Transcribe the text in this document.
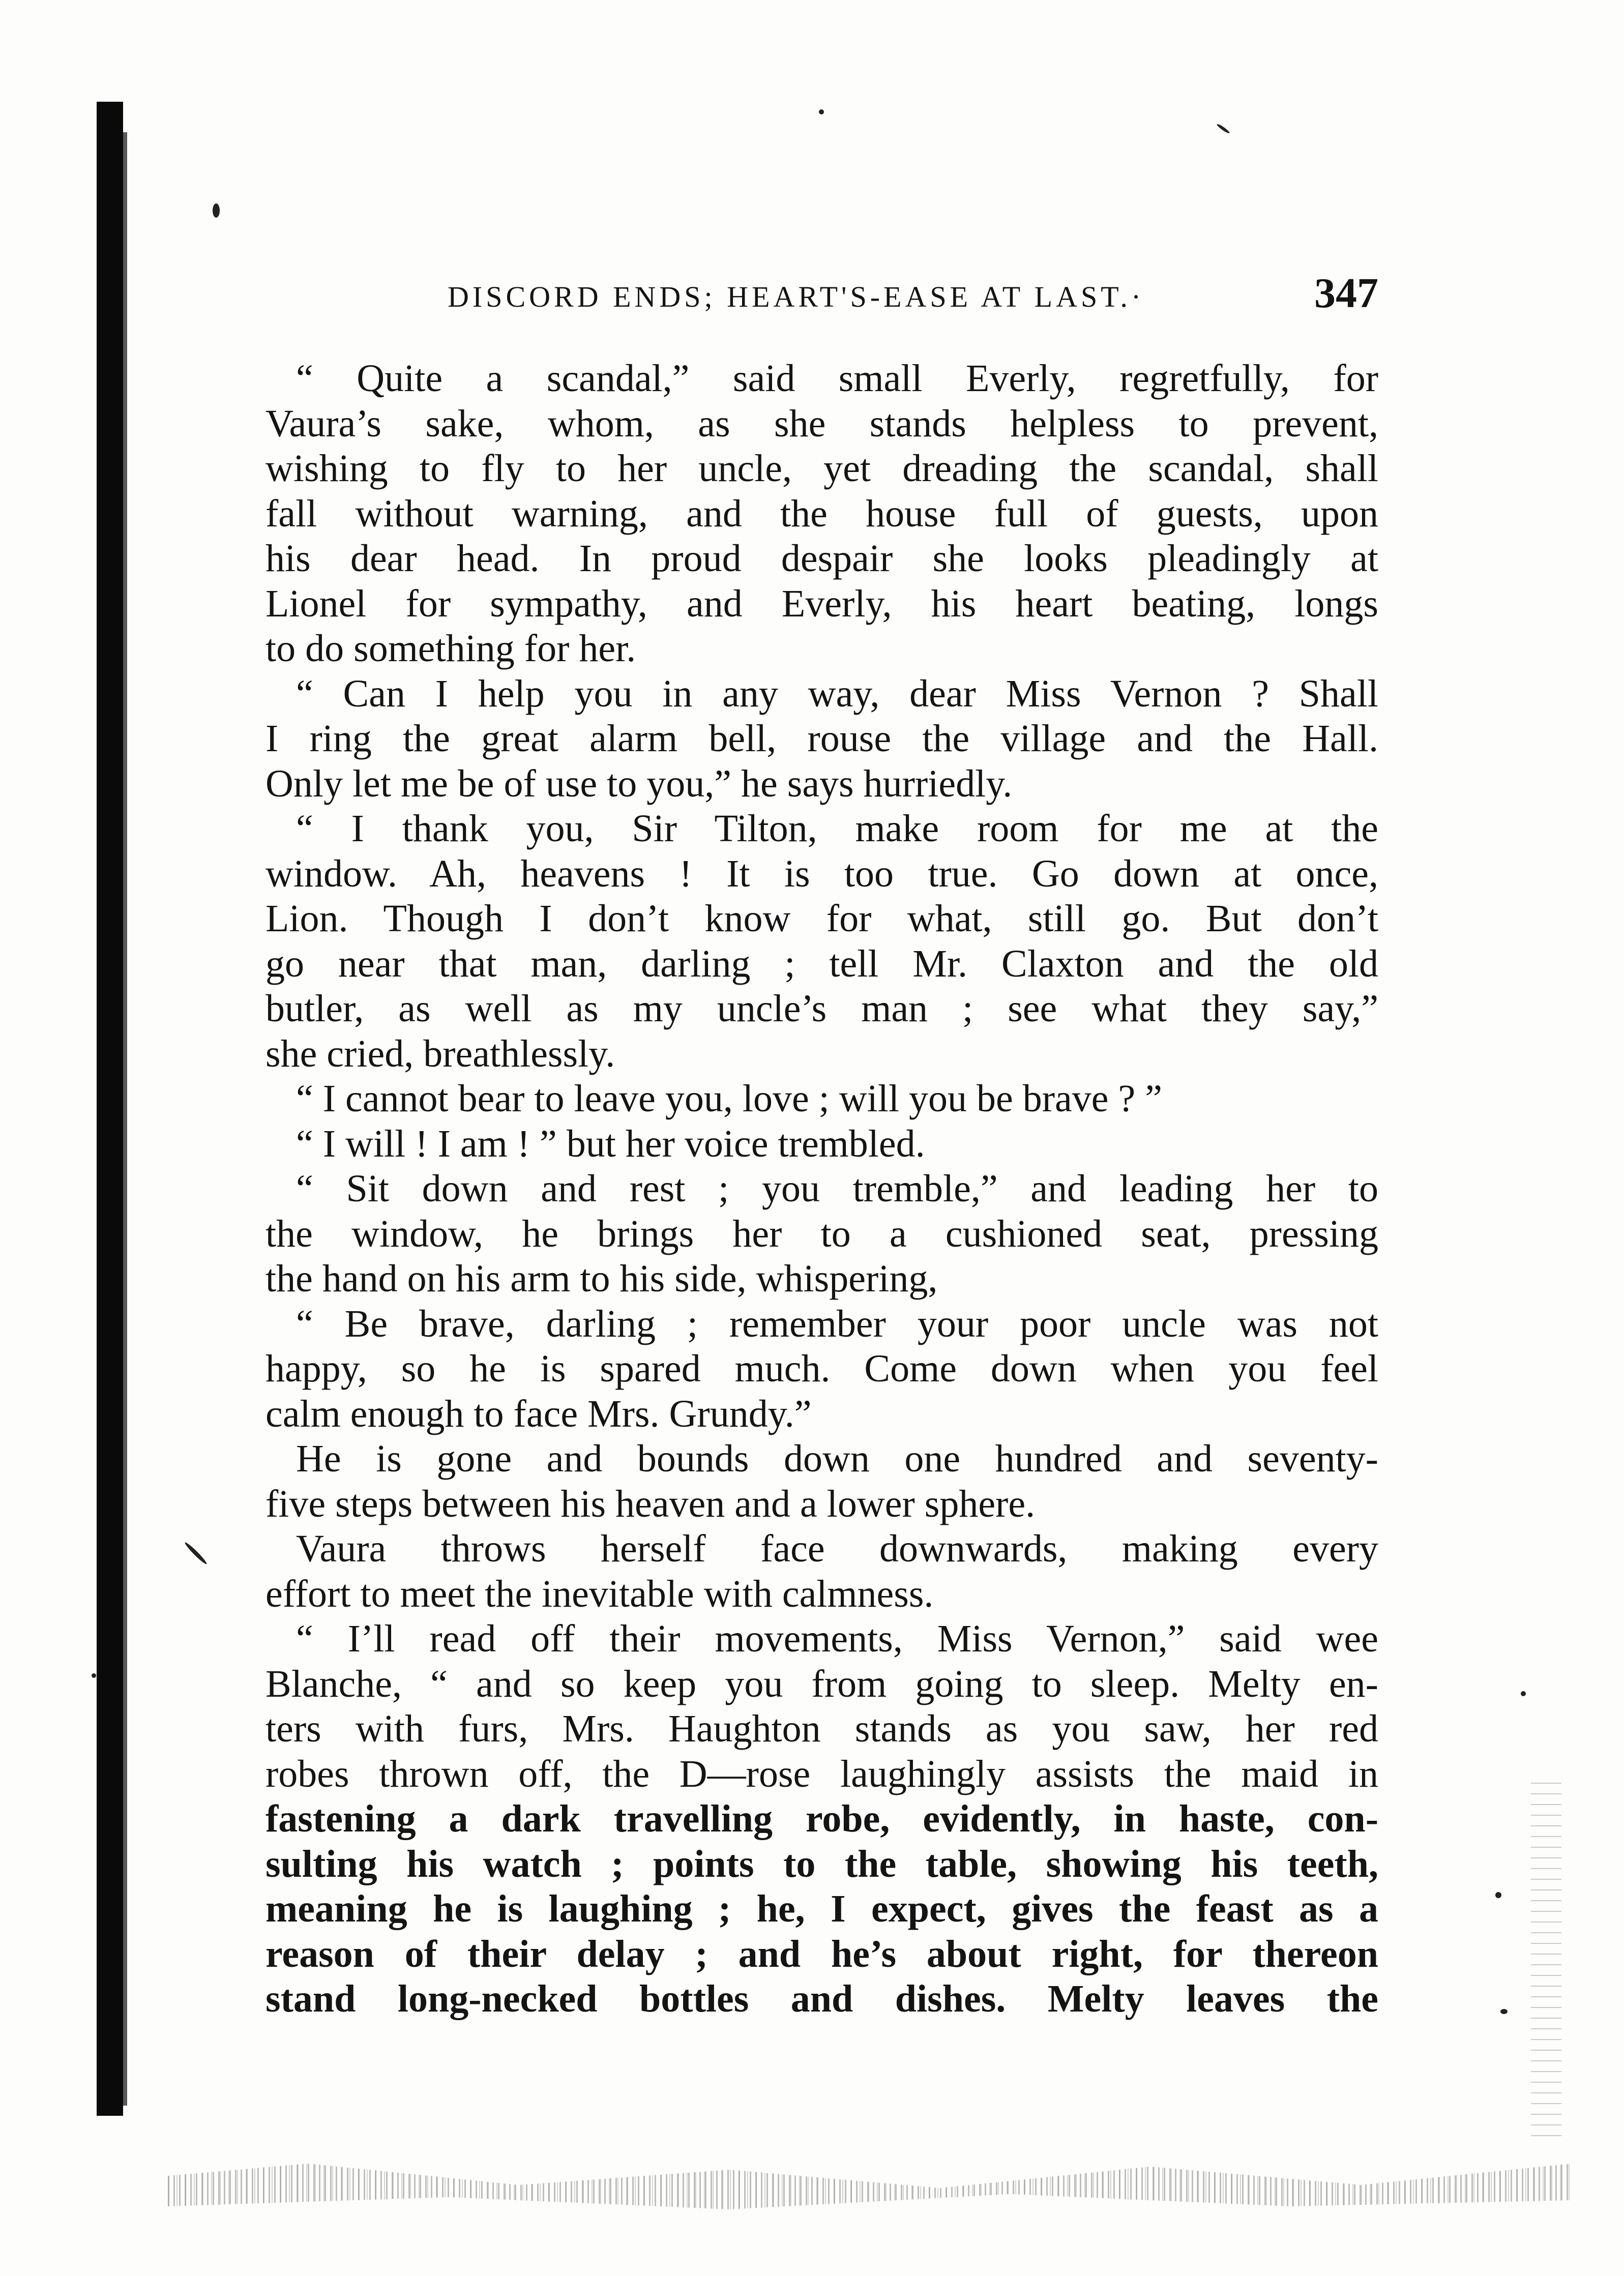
DISCORD ENDS; HEART'S-EASE AT LAST.·	347
“ Quite a scandal,” said small Everly, regretfully, for
Vaura’s sake, whom, as she stands helpless to prevent,
wishing to fly to her uncle, yet dreading the scandal, shall
fall without warning, and the house full of guests, upon
his dear head. In proud despair she looks pleadingly at
Lionel for sympathy, and Everly, his heart beating, longs
to do something for her.
“ Can I help you in any way, dear Miss Vernon ? Shall
I ring the great alarm bell, rouse the village and the Hall.
Only let me be of use to you,” he says hurriedly.
“ I thank you, Sir Tilton, make room for me at the
window. Ah, heavens ! It is too true. Go down at once,
Lion. Though I don’t know for what, still go. But don’t
go near that man, darling ; tell Mr. Claxton and the old
butler, as well as my uncle’s man ; see what they say,”
she cried, breathlessly.
“ I cannot bear to leave you, love ; will you be brave ? ”
“ I will ! I am ! ” but her voice trembled.
“ Sit down and rest ; you tremble,” and leading her to
the window, he brings her to a cushioned seat, pressing
the hand on his arm to his side, whispering,
“ Be brave, darling ; remember your poor uncle was not
happy, so he is spared much. Come down when you feel
calm enough to face Mrs. Grundy.”
He is gone and bounds down one hundred and seventy-
five steps between his heaven and a lower sphere.
Vaura throws herself face downwards, making every
effort to meet the inevitable with calmness.
“ I’ll read off their movements, Miss Vernon,” said wee
Blanche, “ and so keep you from going to sleep. Melty en-
ters with furs, Mrs. Haughton stands as you saw, her red
robes thrown off, the D—rose laughingly assists the maid in
fastening a dark travelling robe, evidently, in haste, con-
sulting his watch ; points to the table, showing his teeth,
meaning he is laughing ; he, I expect, gives the feast as a
reason of their delay ; and he’s about right, for thereon
stand long-necked bottles and dishes. Melty leaves the
